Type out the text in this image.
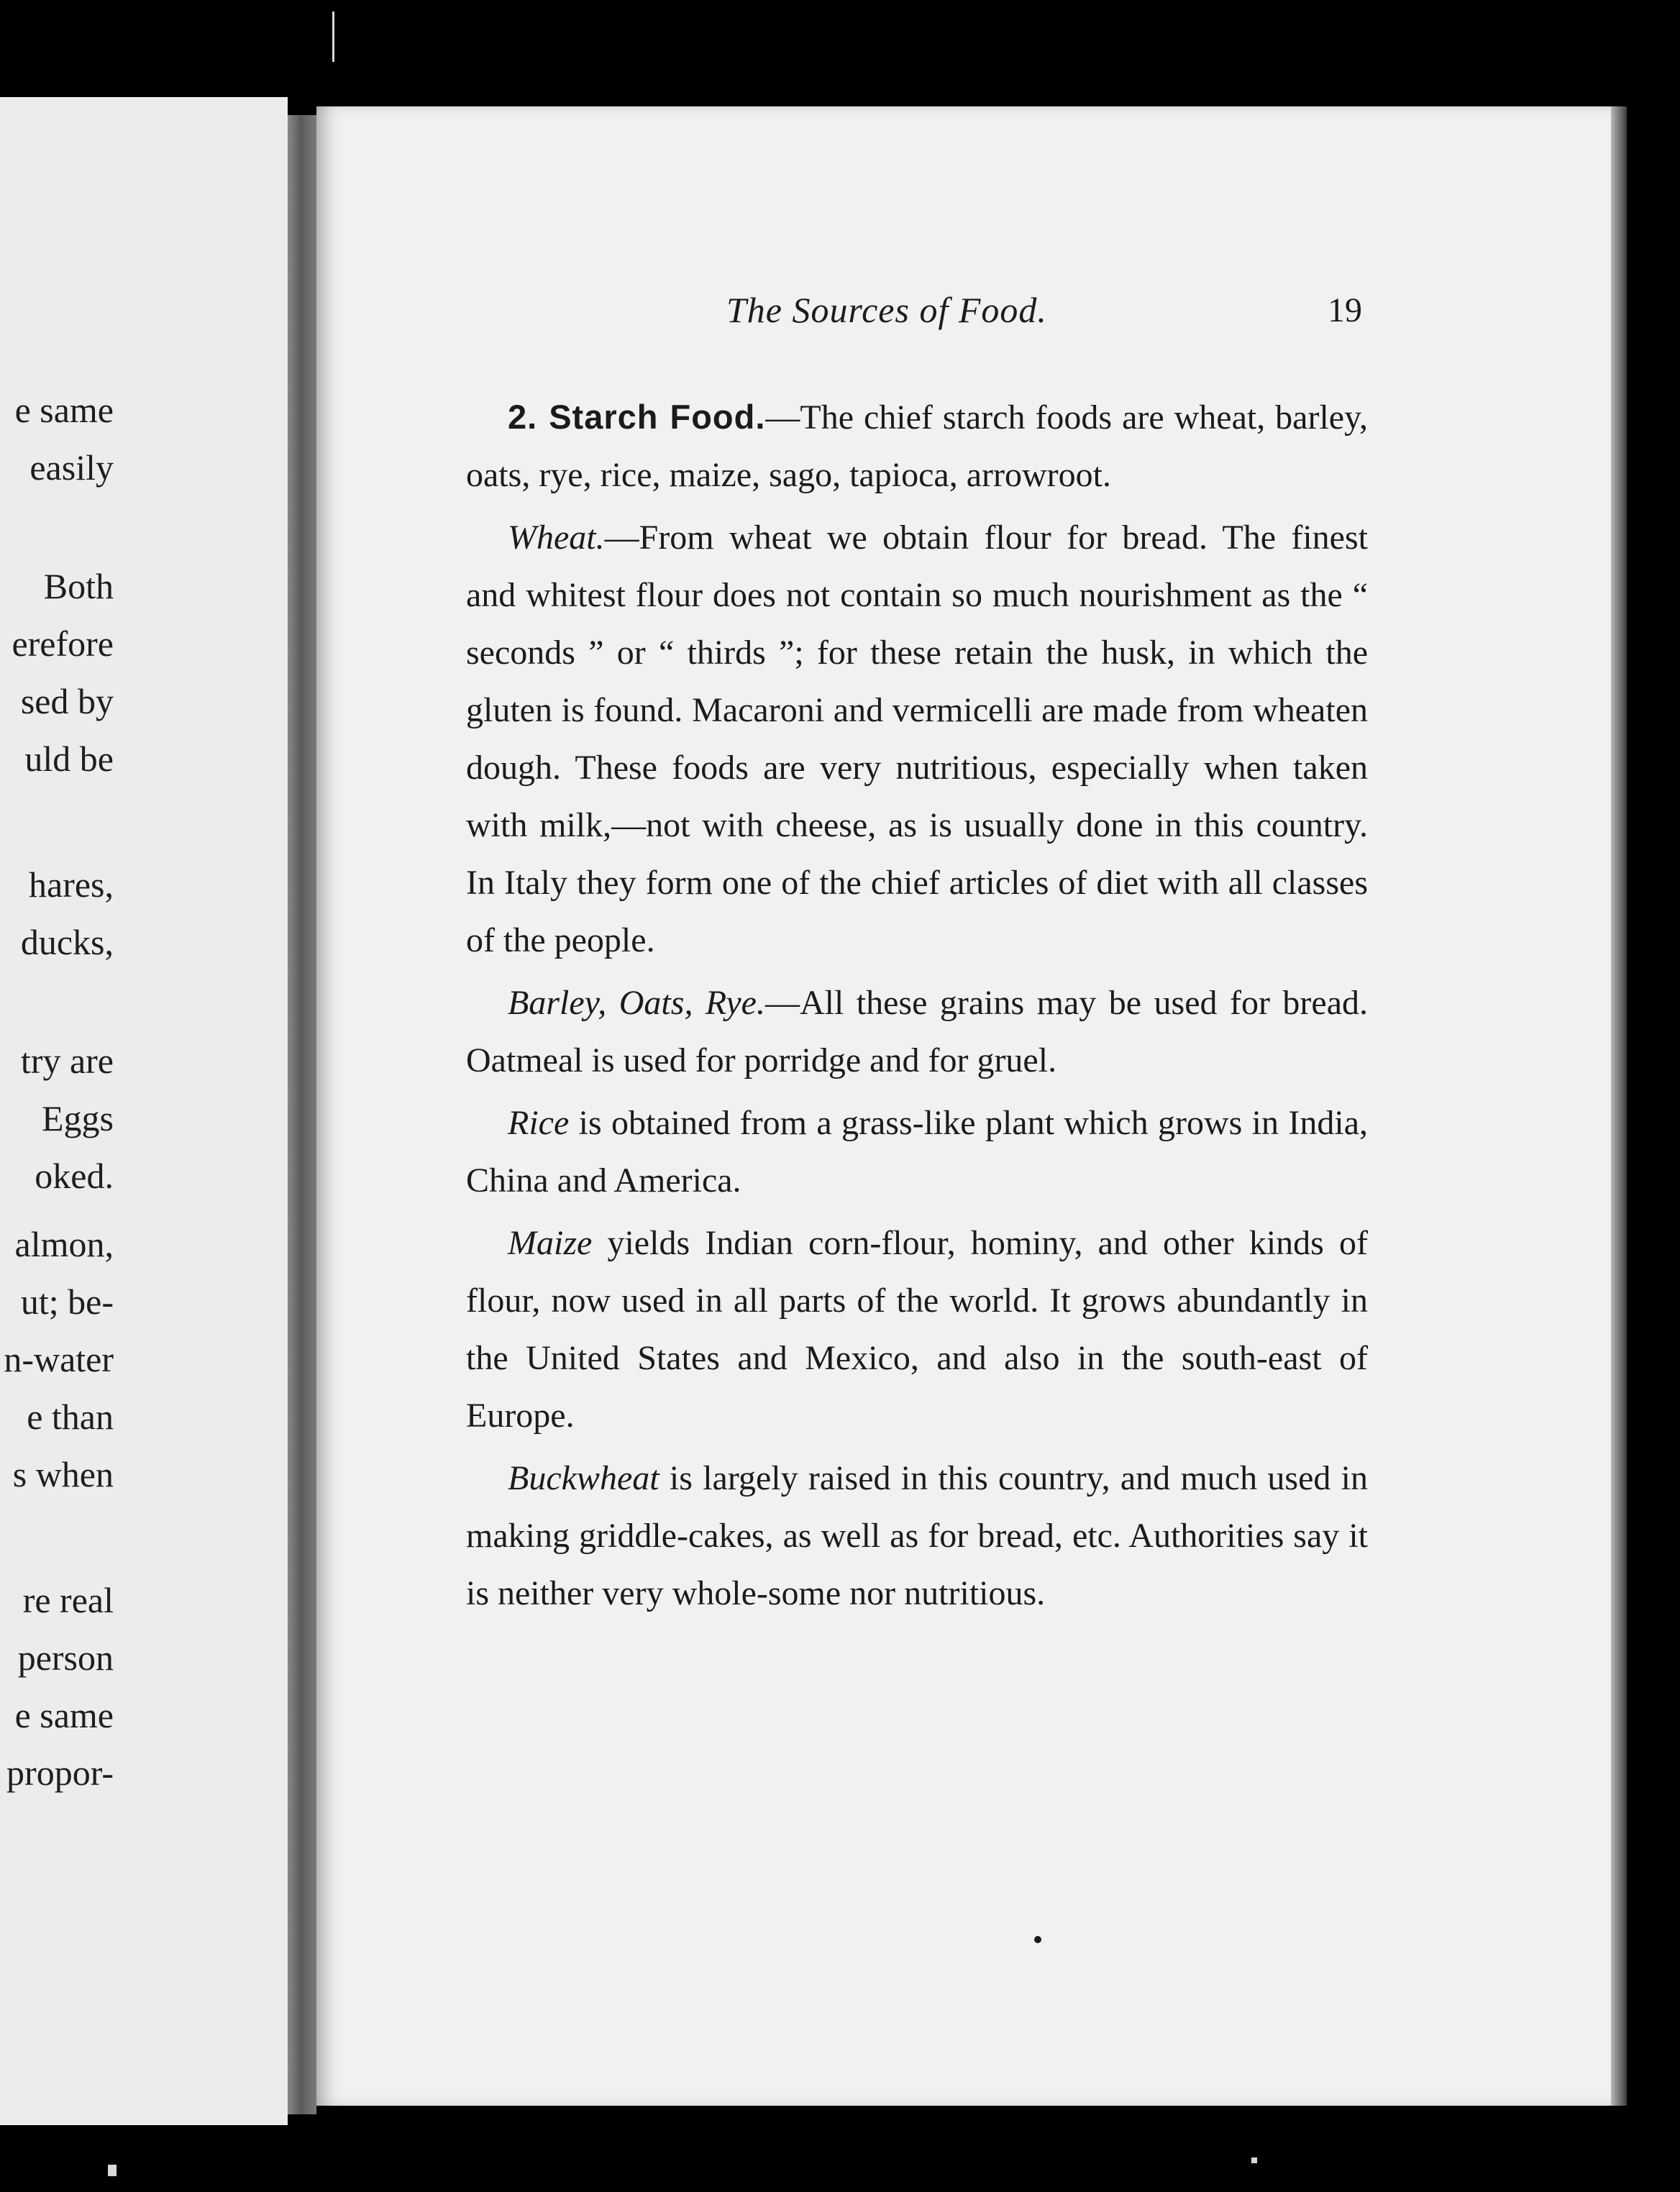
e same
easily
Both
erefore
sed by
uld be
hares,
ducks,
try are
Eggs
oked.
almon,
ut; be-
n-water
e than
s when
re real
person
e same
propor-
The Sources of Food.	19

2. Starch Food.—The chief starch foods are wheat, barley, oats, rye, rice, maize, sago, tapioca, arrowroot.

Wheat.—From wheat we obtain flour for bread. The finest and whitest flour does not contain so much nourishment as the “ seconds ” or “ thirds ”; for these retain the husk, in which the gluten is found. Macaroni and vermicelli are made from wheaten dough. These foods are very nutritious, especially when taken with milk,—not with cheese, as is usually done in this country. In Italy they form one of the chief articles of diet with all classes of the people.

Barley, Oats, Rye.—All these grains may be used for bread. Oatmeal is used for porridge and for gruel.

Rice is obtained from a grass-like plant which grows in India, China and America.

Maize yields Indian corn-flour, hominy, and other kinds of flour, now used in all parts of the world. It grows abundantly in the United States and Mexico, and also in the south-east of Europe.

Buckwheat is largely raised in this country, and much used in making griddle-cakes, as well as for bread, etc. Authorities say it is neither very whole-some nor nutritious.
